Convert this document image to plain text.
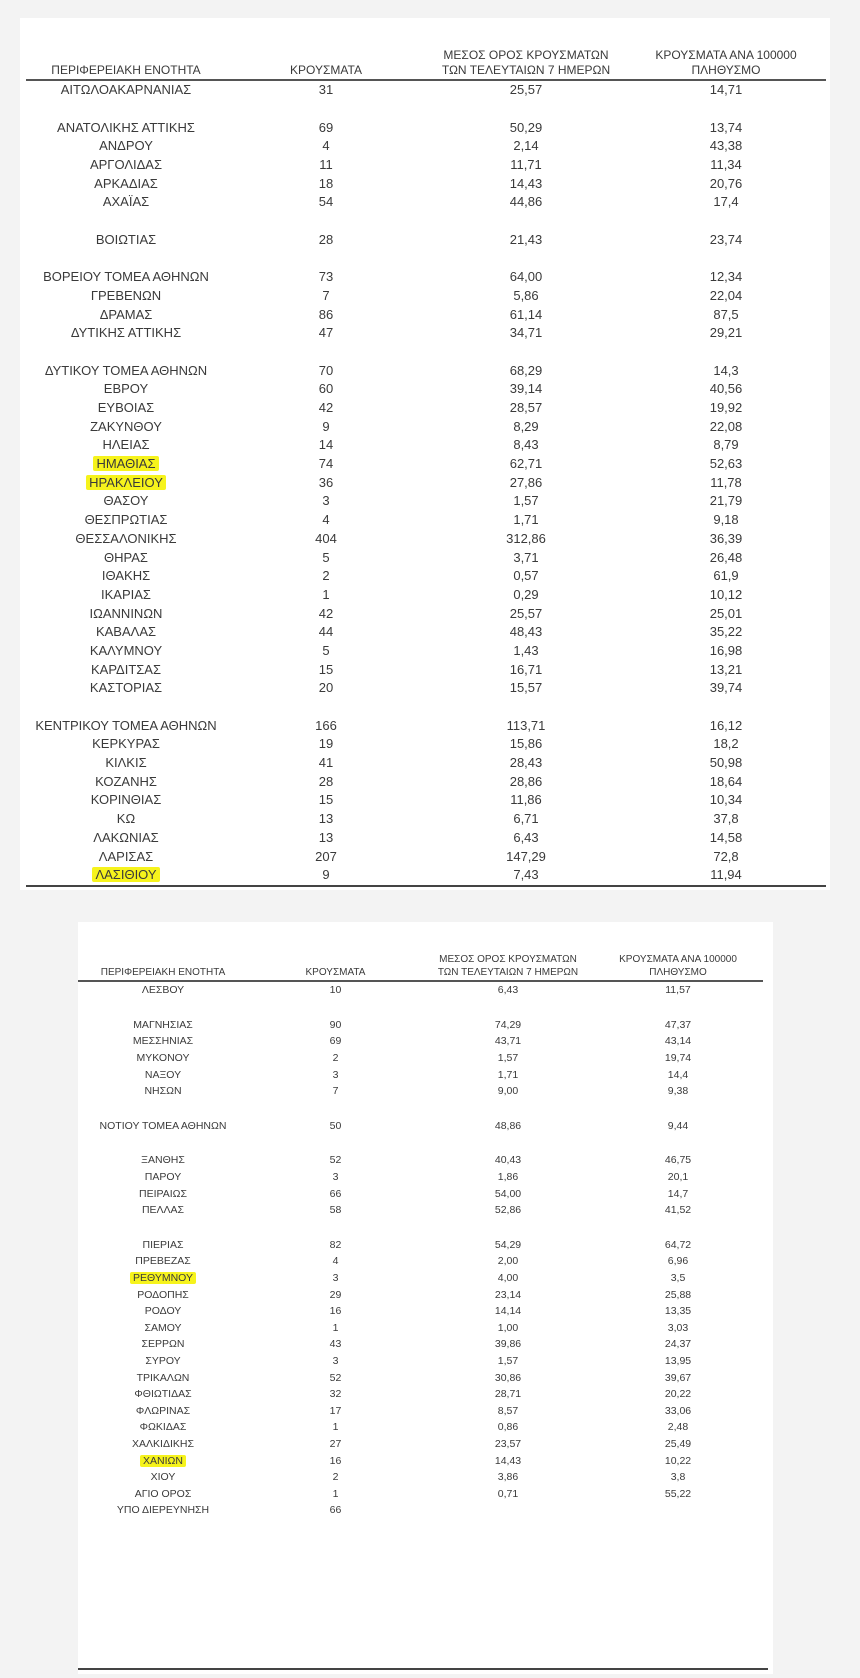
ΠΕΡΙΦΕΡΕΙΑΚΗ ΕΝΟΤΗΤΑ	ΚΡΟΥΣΜΑΤΑ	ΜΕΣΟΣ ΟΡΟΣ ΚΡΟΥΣΜΑΤΩΝ ΤΩΝ ΤΕΛΕΥΤΑΙΩΝ 7 ΗΜΕΡΩΝ	ΚΡΟΥΣΜΑΤΑ ΑΝΑ 100000 ΠΛΗΘΥΣΜΟ
ΑΙΤΩΛΟΑΚΑΡΝΑΝΙΑΣ	31	25,57	14,71

ΑΝΑΤΟΛΙΚΗΣ ΑΤΤΙΚΗΣ	69	50,29	13,74
ΑΝΔΡΟΥ	4	2,14	43,38
ΑΡΓΟΛΙΔΑΣ	11	11,71	11,34
ΑΡΚΑΔΙΑΣ	18	14,43	20,76
ΑΧΑΪΑΣ	54	44,86	17,4

ΒΟΙΩΤΙΑΣ	28	21,43	23,74

ΒΟΡΕΙΟΥ ΤΟΜΕΑ ΑΘΗΝΩΝ	73	64,00	12,34
ΓΡΕΒΕΝΩΝ	7	5,86	22,04
ΔΡΑΜΑΣ	86	61,14	87,5
ΔΥΤΙΚΗΣ ΑΤΤΙΚΗΣ	47	34,71	29,21

ΔΥΤΙΚΟΥ ΤΟΜΕΑ ΑΘΗΝΩΝ	70	68,29	14,3
ΕΒΡΟΥ	60	39,14	40,56
ΕΥΒΟΙΑΣ	42	28,57	19,92
ΖΑΚΥΝΘΟΥ	9	8,29	22,08
ΗΛΕΙΑΣ	14	8,43	8,79
ΗΜΑΘΙΑΣ	74	62,71	52,63
ΗΡΑΚΛΕΙΟΥ	36	27,86	11,78
ΘΑΣΟΥ	3	1,57	21,79
ΘΕΣΠΡΩΤΙΑΣ	4	1,71	9,18
ΘΕΣΣΑΛΟΝΙΚΗΣ	404	312,86	36,39
ΘΗΡΑΣ	5	3,71	26,48
ΙΘΑΚΗΣ	2	0,57	61,9
ΙΚΑΡΙΑΣ	1	0,29	10,12
ΙΩΑΝΝΙΝΩΝ	42	25,57	25,01
ΚΑΒΑΛΑΣ	44	48,43	35,22
ΚΑΛΥΜΝΟΥ	5	1,43	16,98
ΚΑΡΔΙΤΣΑΣ	15	16,71	13,21
ΚΑΣΤΟΡΙΑΣ	20	15,57	39,74

ΚΕΝΤΡΙΚΟΥ ΤΟΜΕΑ ΑΘΗΝΩΝ	166	113,71	16,12
ΚΕΡΚΥΡΑΣ	19	15,86	18,2
ΚΙΛΚΙΣ	41	28,43	50,98
ΚΟΖΑΝΗΣ	28	28,86	18,64
ΚΟΡΙΝΘΙΑΣ	15	11,86	10,34
ΚΩ	13	6,71	37,8
ΛΑΚΩΝΙΑΣ	13	6,43	14,58
ΛΑΡΙΣΑΣ	207	147,29	72,8
ΛΑΣΙΘΙΟΥ	9	7,43	11,94
ΠΕΡΙΦΕΡΕΙΑΚΗ ΕΝΟΤΗΤΑ	ΚΡΟΥΣΜΑΤΑ	ΜΕΣΟΣ ΟΡΟΣ ΚΡΟΥΣΜΑΤΩΝ ΤΩΝ ΤΕΛΕΥΤΑΙΩΝ 7 ΗΜΕΡΩΝ	ΚΡΟΥΣΜΑΤΑ ΑΝΑ 100000 ΠΛΗΘΥΣΜΟ
ΛΕΣΒΟΥ	10	6,43	11,57

ΜΑΓΝΗΣΙΑΣ	90	74,29	47,37
ΜΕΣΣΗΝΙΑΣ	69	43,71	43,14
ΜΥΚΟΝΟΥ	2	1,57	19,74
ΝΑΞΟΥ	3	1,71	14,4
ΝΗΣΩΝ	7	9,00	9,38

ΝΟΤΙΟΥ ΤΟΜΕΑ ΑΘΗΝΩΝ	50	48,86	9,44

ΞΑΝΘΗΣ	52	40,43	46,75
ΠΑΡΟΥ	3	1,86	20,1
ΠΕΙΡΑΙΩΣ	66	54,00	14,7
ΠΕΛΛΑΣ	58	52,86	41,52

ΠΙΕΡΙΑΣ	82	54,29	64,72
ΠΡΕΒΕΖΑΣ	4	2,00	6,96
ΡΕΘΥΜΝΟΥ	3	4,00	3,5
ΡΟΔΟΠΗΣ	29	23,14	25,88
ΡΟΔΟΥ	16	14,14	13,35
ΣΑΜΟΥ	1	1,00	3,03
ΣΕΡΡΩΝ	43	39,86	24,37
ΣΥΡΟΥ	3	1,57	13,95
ΤΡΙΚΑΛΩΝ	52	30,86	39,67
ΦΘΙΩΤΙΔΑΣ	32	28,71	20,22
ΦΛΩΡΙΝΑΣ	17	8,57	33,06
ΦΩΚΙΔΑΣ	1	0,86	2,48
ΧΑΛΚΙΔΙΚΗΣ	27	23,57	25,49
ΧΑΝΙΩΝ	16	14,43	10,22
ΧΙΟΥ	2	3,86	3,8
ΑΓΙΟ ΟΡΟΣ	1	0,71	55,22
ΥΠΟ ΔΙΕΡΕΥΝΗΣΗ	66		
